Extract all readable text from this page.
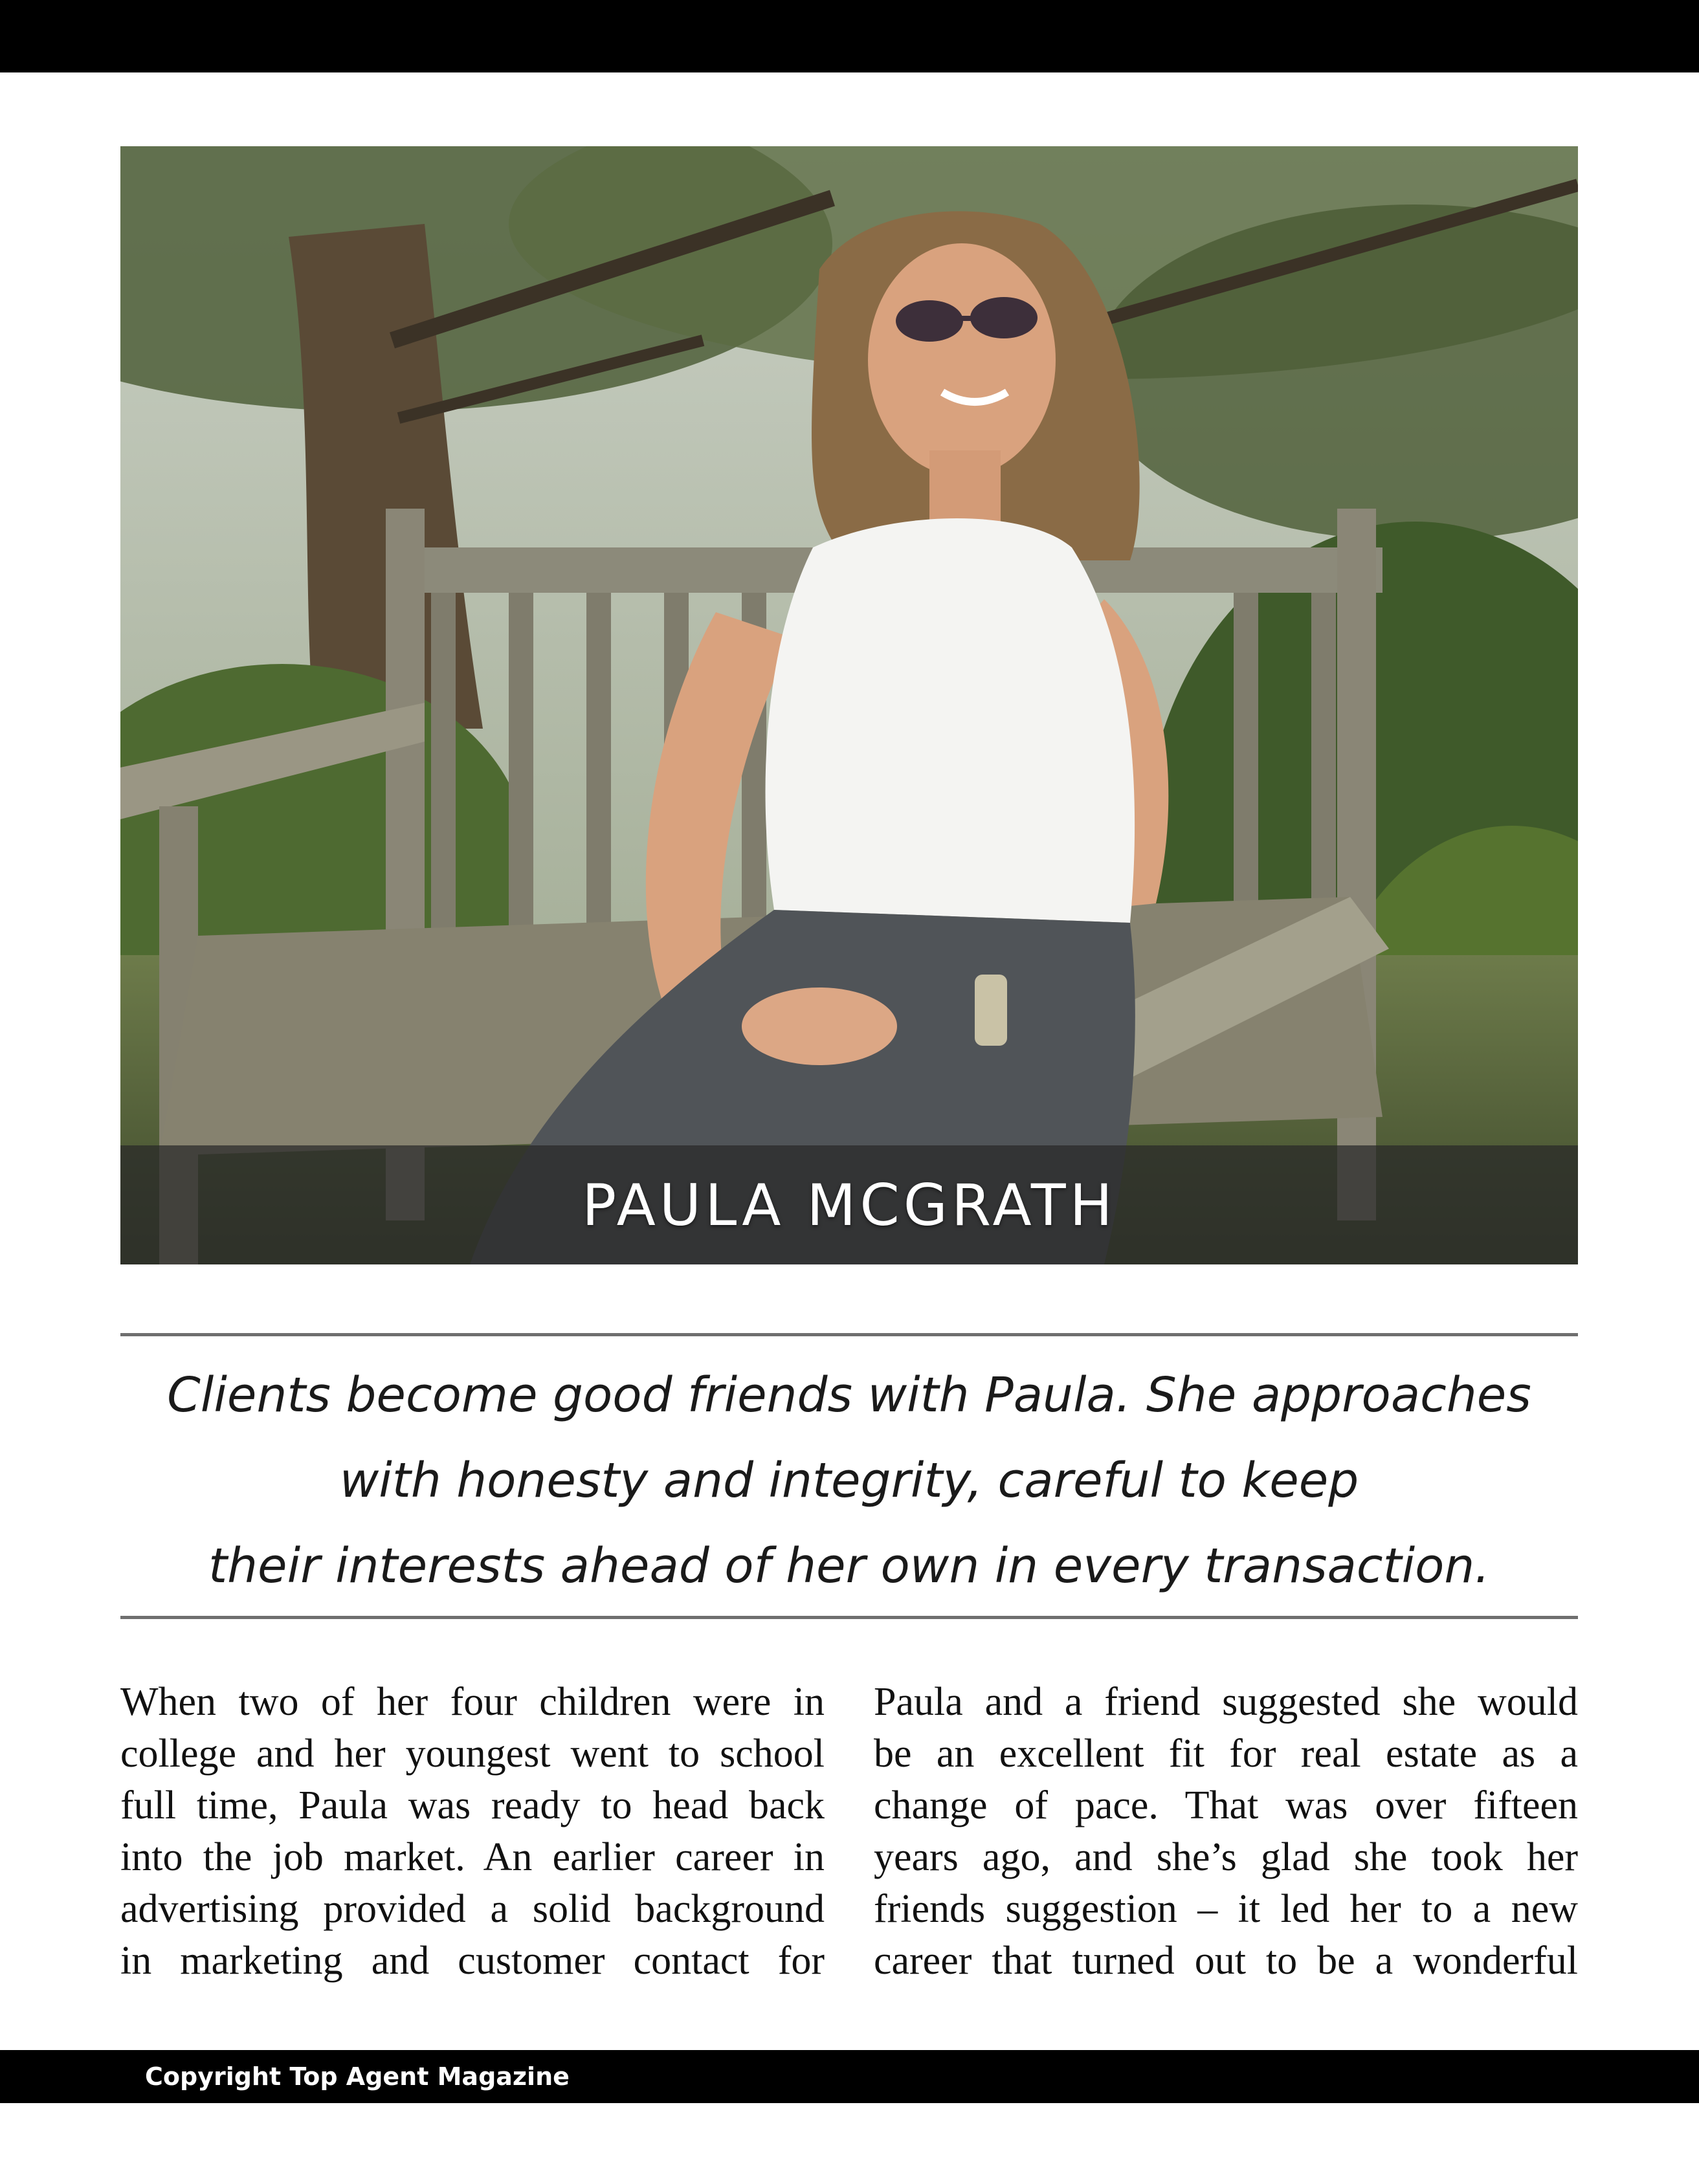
PAULA MCGRATH
Clients become good friends with Paula. She approaches
with honesty and integrity, careful to keep
their interests ahead of her own in every transaction.
When two of her four children were in
college and her youngest went to school
full time, Paula was ready to head back
into the job market. An earlier career in
advertising provided a solid background
in marketing and customer contact for
Paula and a friend suggested she would
be an excellent fit for real estate as a
change of pace. That was over fifteen
years ago, and she’s glad she took her
friends suggestion – it led her to a new
career that turned out to be a wonderful
Copyright Top Agent Magazine
